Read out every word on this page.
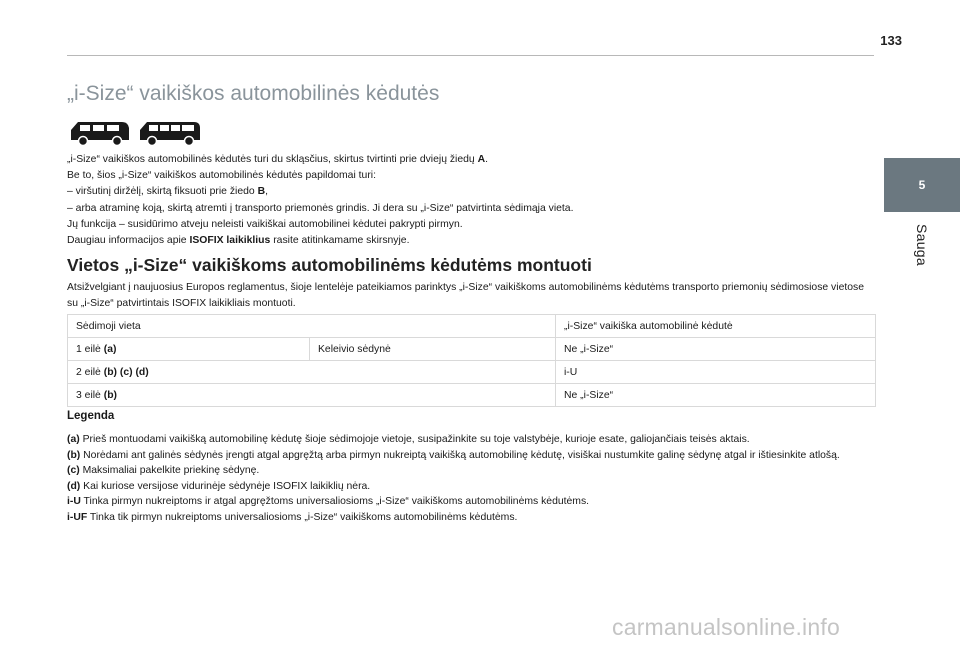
133
5
Sauga
„i-Size“ vaikiškos automobilinės kėdutės

„i-Size“ vaikiškos automobilinės kėdutės turi du skląsčius, skirtus tvirtinti prie dviejų žiedų A.

Be to, šios „i-Size“ vaikiškos automobilinės kėdutės papildomai turi:

– viršutinį diržėlį, skirtą fiksuoti prie žiedo B,

– arba atraminę koją, skirtą atremti į transporto priemonės grindis. Ji dera su „i-Size“ patvirtinta sėdimąja vieta.

Jų funkcija – susidūrimo atveju neleisti vaikiškai automobilinei kėdutei pakrypti pirmyn.

Daugiau informacijos apie ISOFIX laikiklius rasite atitinkamame skirsnyje.

Vietos „i-Size“ vaikiškoms automobilinėms kėdutėms montuoti

Atsižvelgiant į naujuosius Europos reglamentus, šioje lentelėje pateikiamos parinktys „i-Size“ vaikiškoms automobilinėms kėdutėms transporto priemonių sėdimosiose vietose su „i-Size“ patvirtintais ISOFIX laikikliais montuoti.

Sėdimoji vieta		„i-Size“ vaikiška automobilinė kėdutė
1 eilė (a)	Keleivio sėdynė	Ne „i-Size“
2 eilė (b) (c) (d)		i-U
3 eilė (b)		Ne „i-Size“
Legenda

(a) Prieš montuodami vaikišką automobilinę kėdutę šioje sėdimojoje vietoje, susipažinkite su toje valstybėje, kurioje esate, galiojančiais teisės aktais.

(b) Norėdami ant galinės sėdynės įrengti atgal apgręžtą arba pirmyn nukreiptą vaikišką automobilinę kėdutę, visiškai nustumkite galinę sėdynę atgal ir ištiesinkite atlošą.

(c) Maksimaliai pakelkite priekinę sėdynę.

(d) Kai kuriose versijose vidurinėje sėdynėje ISOFIX laikiklių nėra.

i-U Tinka pirmyn nukreiptoms ir atgal apgręžtoms universaliosioms „i-Size“ vaikiškoms automobilinėms kėdutėms.

i-UF Tinka tik pirmyn nukreiptoms universaliosioms „i-Size“ vaikiškoms automobilinėms kėdutėms.

carmanualsonline.info
